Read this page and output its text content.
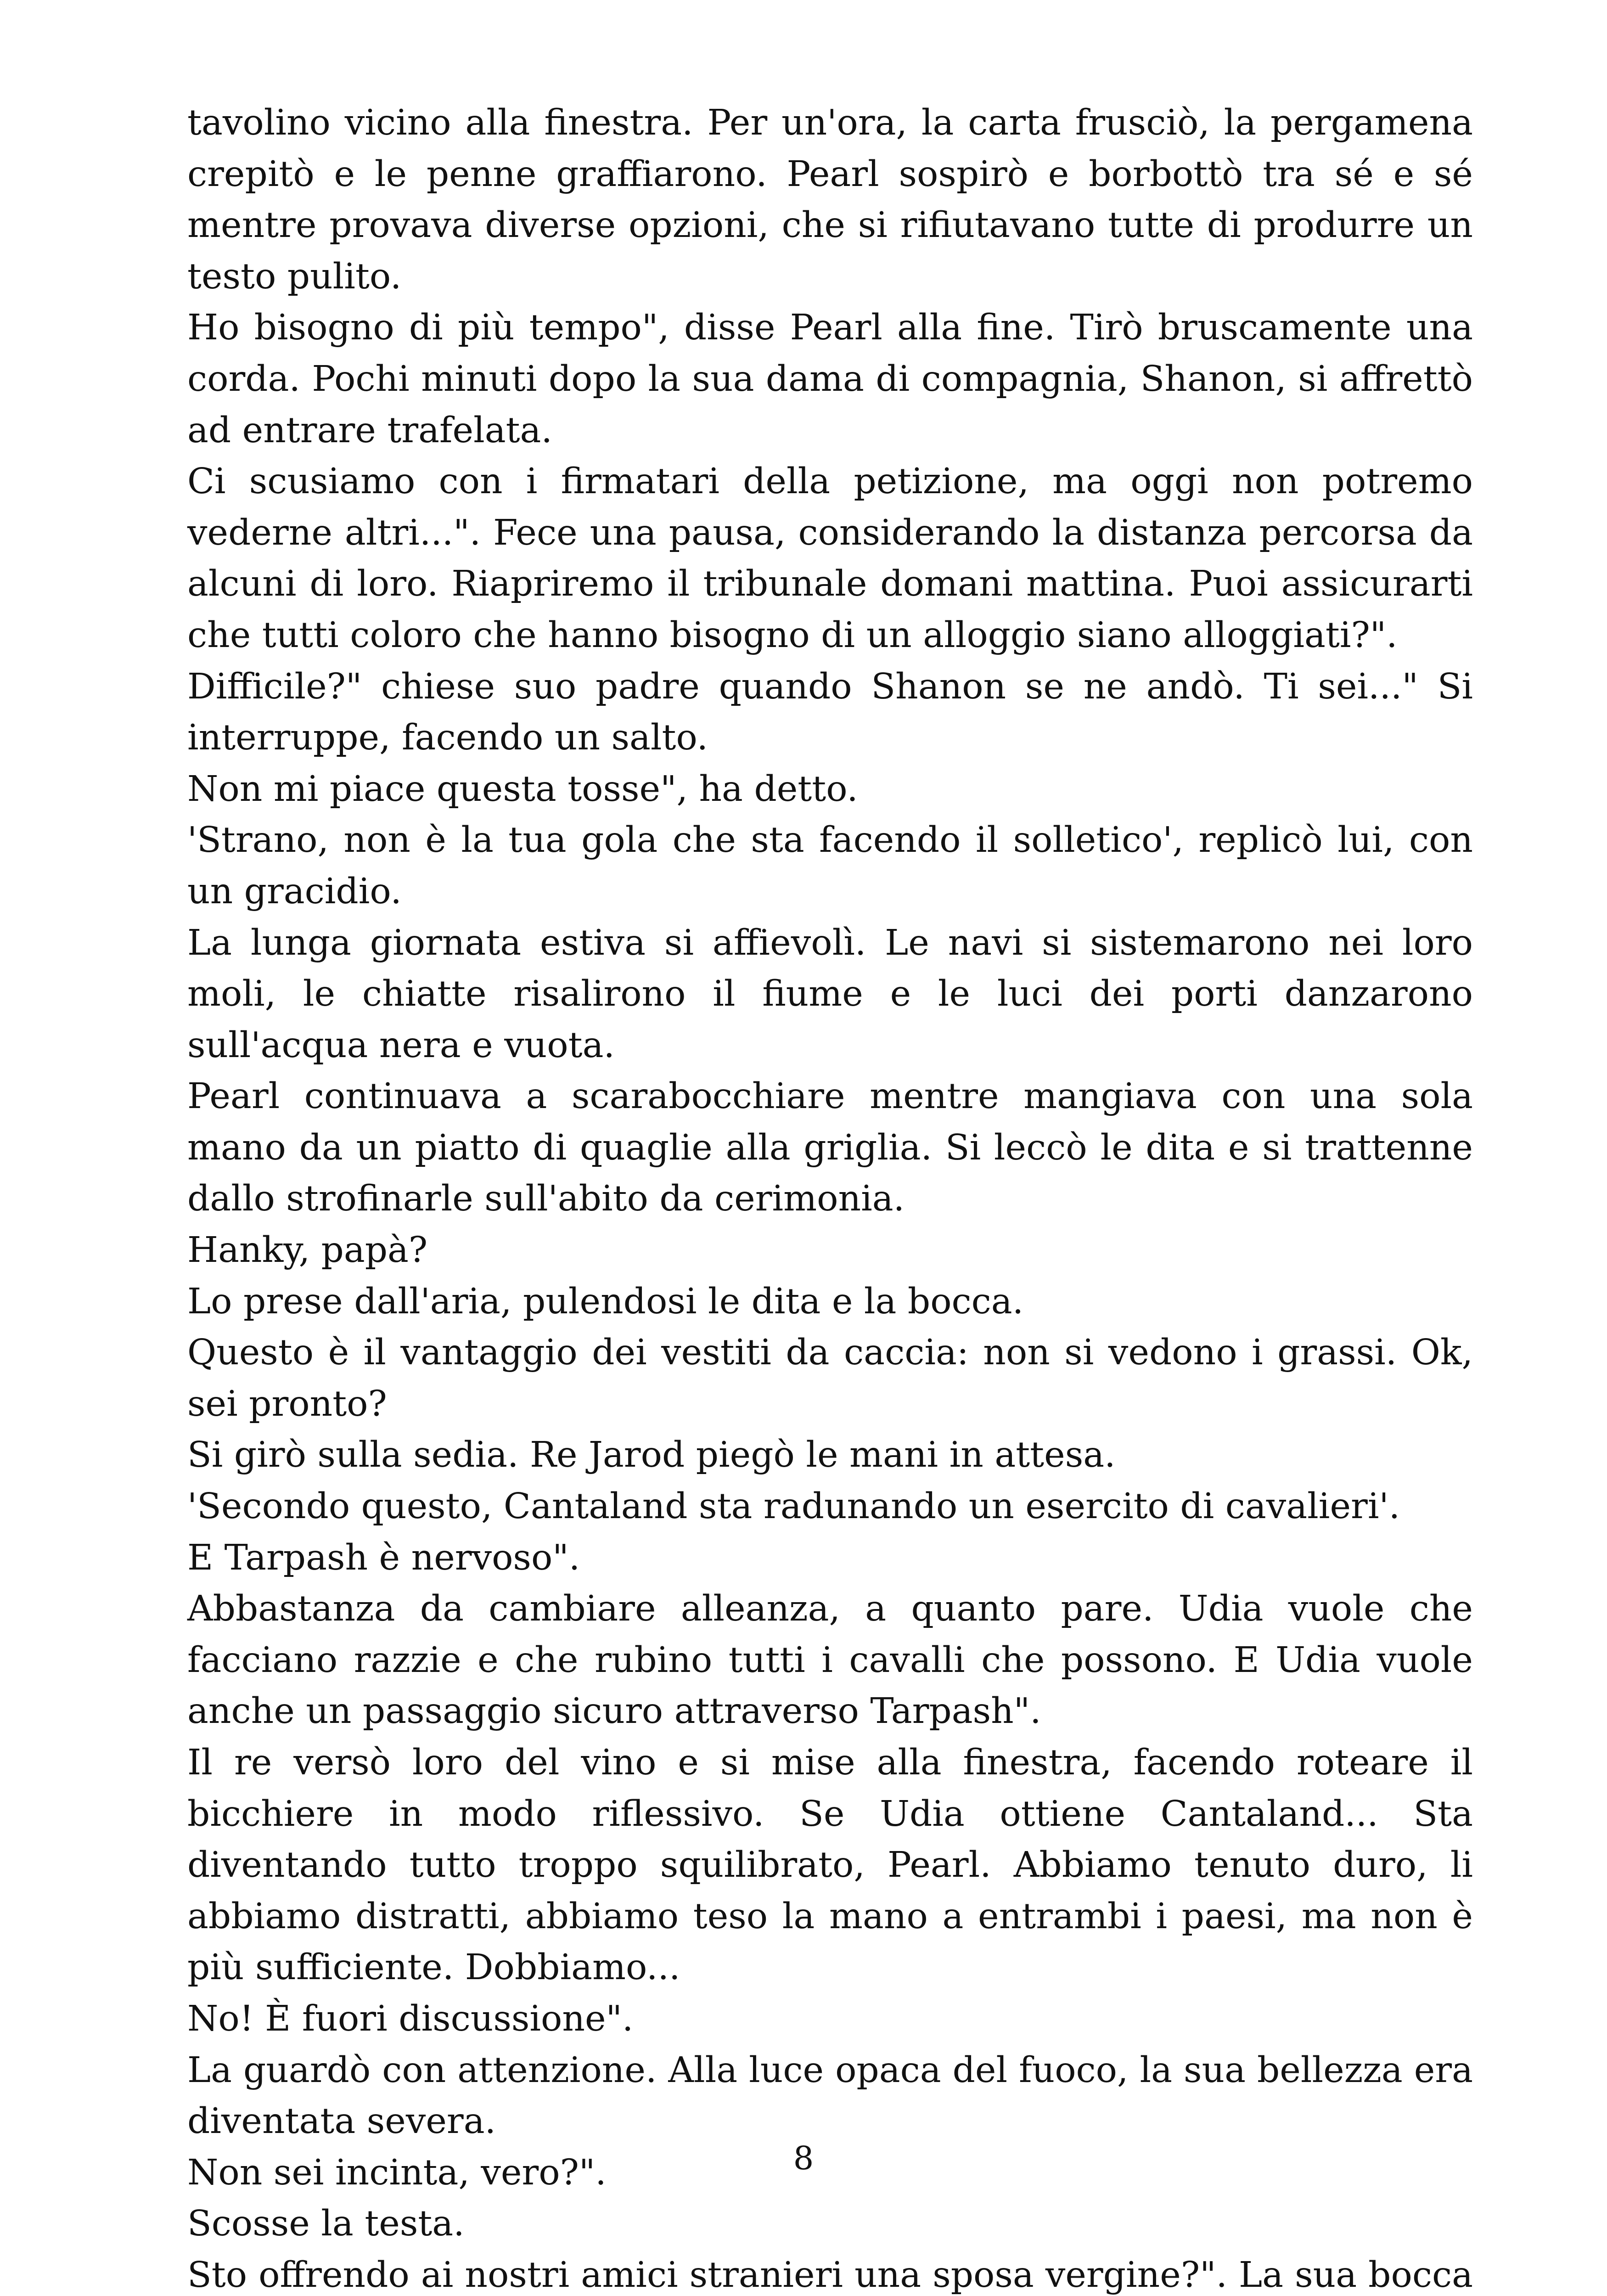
tavolino vicino alla finestra. Per un'ora, la carta frusciò, la pergamena crepitò e le penne graffiarono. Pearl sospirò e borbottò tra sé e sé mentre provava diverse opzioni, che si rifiutavano tutte di produrre un testo pulito.

Ho bisogno di più tempo", disse Pearl alla fine. Tirò bruscamente una corda. Pochi minuti dopo la sua dama di compagnia, Shanon, si affrettò ad entrare trafelata.

Ci scusiamo con i firmatari della petizione, ma oggi non potremo vederne altri...". Fece una pausa, considerando la distanza percorsa da alcuni di loro. Riapriremo il tribunale domani mattina. Puoi assicurarti che tutti coloro che hanno bisogno di un alloggio siano alloggiati?".

Difficile?" chiese suo padre quando Shanon se ne andò. Ti sei..." Si interruppe, facendo un salto.

Non mi piace questa tosse", ha detto.

'Strano, non è la tua gola che sta facendo il solletico', replicò lui, con un gracidio.

La lunga giornata estiva si affievolì. Le navi si sistemarono nei loro moli, le chiatte risalirono il fiume e le luci dei porti danzarono sull'acqua nera e vuota.

Pearl continuava a scarabocchiare mentre mangiava con una sola mano da un piatto di quaglie alla griglia. Si leccò le dita e si trattenne dallo strofinarle sull'abito da cerimonia.

Hanky, papà?

Lo prese dall'aria, pulendosi le dita e la bocca.

Questo è il vantaggio dei vestiti da caccia: non si vedono i grassi. Ok, sei pronto?

Si girò sulla sedia. Re Jarod piegò le mani in attesa.

'Secondo questo, Cantaland sta radunando un esercito di cavalieri'.

E Tarpash è nervoso".

Abbastanza da cambiare alleanza, a quanto pare. Udia vuole che facciano razzie e che rubino tutti i cavalli che possono. E Udia vuole anche un passaggio sicuro attraverso Tarpash".

Il re versò loro del vino e si mise alla finestra, facendo roteare il bicchiere in modo riflessivo. Se Udia ottiene Cantaland... Sta diventando tutto troppo squilibrato, Pearl. Abbiamo tenuto duro, li abbiamo distratti, abbiamo teso la mano a entrambi i paesi, ma non è più sufficiente. Dobbiamo...

No! È fuori discussione".

La guardò con attenzione. Alla luce opaca del fuoco, la sua bellezza era diventata severa.

Non sei incinta, vero?".

Scosse la testa.

Sto offrendo ai nostri amici stranieri una sposa vergine?". La sua bocca

8
